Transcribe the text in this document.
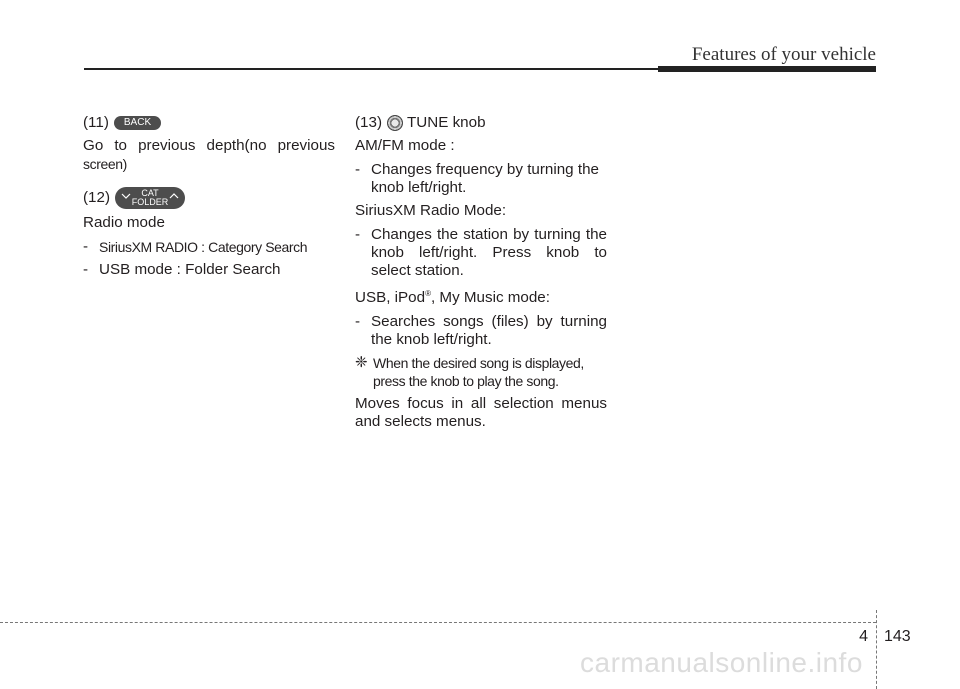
Features of your vehicle
(11)	BACK

Go to previous depth(no previous

screen)

(12)	CAT
FOLDER

Radio mode

- SiriusXM RADIO : Category Search
- USB mode : Folder Search
(13) TUNE knob

AM/FM mode :

- Changes frequency by turning the knob left/right.

SiriusXM Radio Mode:

- Changes the station by turning the knob left/right. Press knob to select station.

USB, iPod®, My Music mode:

- Searches songs (files) by turning the knob left/right.
❈ When the desired song is displayed, press the knob to play the song.

Moves focus in all selection menus and selects menus.

4 143
carmanualsonline.info
